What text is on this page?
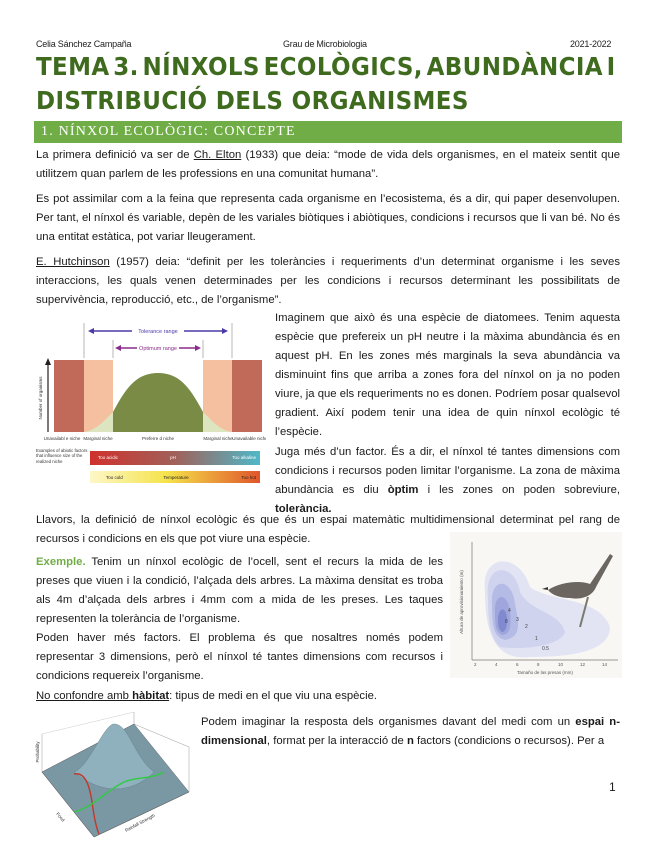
Celia Sánchez Campaña	Grau de Microbiologia	2021-2022
TEMA 3. NÍNXOLS ECOLÒGICS, ABUNDÀNCIA I
DISTRIBUCIÓ DELS ORGANISMES
1. NÍNXOL ECOLÒGIC: CONCEPTE
La primera definició va ser de Ch. Elton (1933) que deia: “mode de vida dels organismes, en el mateix sentit que utilitzem quan parlem de les professions en una comunitat humana”.
Es pot assimilar com a la feina que representa cada organisme en l’ecosistema, és a dir, qui paper desenvolupen. Per tant, el nínxol és variable, depèn de les variales biòtiques i abiòtiques, condicions i recursos que li van bé. No és una entitat estàtica, pot variar lleugerament.
E. Hutchinson (1957) deia: “definit per les toleràncies i requeriments d’un determinat organisme i les seves interaccions, les quals venen determinades per les condicions i recursos determinant les possibilitats de supervivència, reproducció, etc., de l’organisme”.
Tolerance range
Optimum range
Number of organisms
Unavailabl e niche Marginal niche	Preferre d niche	Marginal niche Unavailable niche
Too acidic	pH	Too alkaline
Too cold	Temperature	Too hot
Examples of abiotic factors that influence size of the realized niche
Imaginem que això és una espècie de diatomees. Tenim aquesta espècie que prefereix un pH neutre i la màxima abundància és en aquest pH. En les zones més marginals la seva abundància va disminuint fins que arriba a zones fora del nínxol on ja no poden viure, ja que els requeriments no es donen. Podríem posar qualsevol gradient. Així podem tenir una idea de quin nínxol ecològic té l’espècie.
Juga més d’un factor. És a dir, el nínxol té tantes dimensions com condicions i recursos poden limitar l’organisme. La zona de màxima abundància es diu òptim i les zones on poden sobreviure, tolerància.
Llavors, la definició de nínxol ecològic és que és un espai matemàtic multidimensional determinat pel rang de recursos i condicions en els que pot viure una espècie.
Exemple. Tenim un nínxol ecològic de l’ocell, sent el recurs la mida de les preses que viuen i la condició, l’alçada dels arbres. La màxima densitat es troba als 4m d’alçada dels arbres i 4mm com a mida de les preses. Les taques representen la tolerància de l’organisme.
4
8 3
2
1
0.5
2	4	6	8	10	12	14
Tamaño de las presas (mm)
Altura de aprovisionamiento (m)
Poden haver més factors. El problema és que nosaltres només podem representar 3 dimensions, però el nínxol té tantes dimensions com recursos i condicions requereix l’organisme.
No confondre amb hàbitat: tipus de medi en el que viu una espècie.
Probability
Food	Rainfall Strength
Podem imaginar la resposta dels organismes davant del medi com un espai n-dimensional, format per la interacció de n factors (condicions o recursos). Per a
1
